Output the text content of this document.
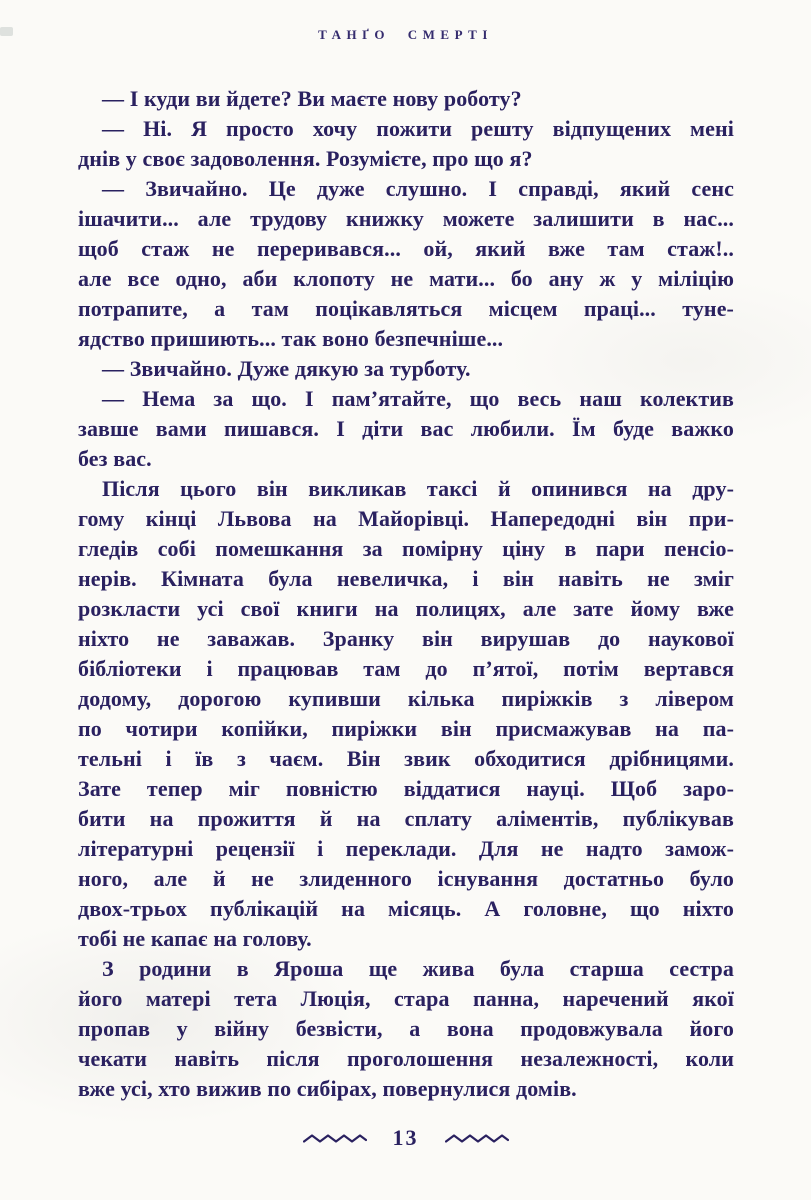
ТАНҐО СМЕРТІ
— І куди ви йдете? Ви маєте нову роботу?
— Ні. Я просто хочу пожити решту відпущених мені
днів у своє задоволення. Розумієте, про що я?
— Звичайно. Це дуже слушно. І справді, який сенс
ішачити... але трудову книжку можете залишити в нас...
щоб стаж не переривався... ой, який вже там стаж!..
але все одно, аби клопоту не мати... бо ану ж у міліцію
потрапите, а там поцікавляться місцем праці... туне-
ядство пришиють... так воно безпечніше...
— Звичайно. Дуже дякую за турботу.
— Нема за що. І пам’ятайте, що весь наш колектив
завше вами пишався. І діти вас любили. Їм буде важко
без вас.
Після цього він викликав таксі й опинився на дру-
гому кінці Львова на Майорівці. Напередодні він при-
гледів собі помешкання за помірну ціну в пари пенсіо-
нерів. Кімната була невеличка, і він навіть не зміг
розкласти усі свої книги на полицях, але зате йому вже
ніхто не заважав. Зранку він вирушав до наукової
бібліотеки і працював там до п’ятої, потім вертався
додому, дорогою купивши кілька пиріжків з лівером
по чотири копійки, пиріжки він присмажував на па-
тельні і їв з чаєм. Він звик обходитися дрібницями.
Зате тепер міг повністю віддатися науці. Щоб заро-
бити на прожиття й на сплату аліментів, публікував
літературні рецензії і переклади. Для не надто замож-
ного, але й не злиденного існування достатньо було
двох-трьох публікацій на місяць. А головне, що ніхто
тобі не капає на голову.
З родини в Яроша ще жива була старша сестра
його матері тета Люція, стара панна, наречений якої
пропав у війну безвісти, а вона продовжувала його
чекати навіть після проголошення незалежності, коли
вже усі, хто вижив по сибірах, повернулися домів.
13
